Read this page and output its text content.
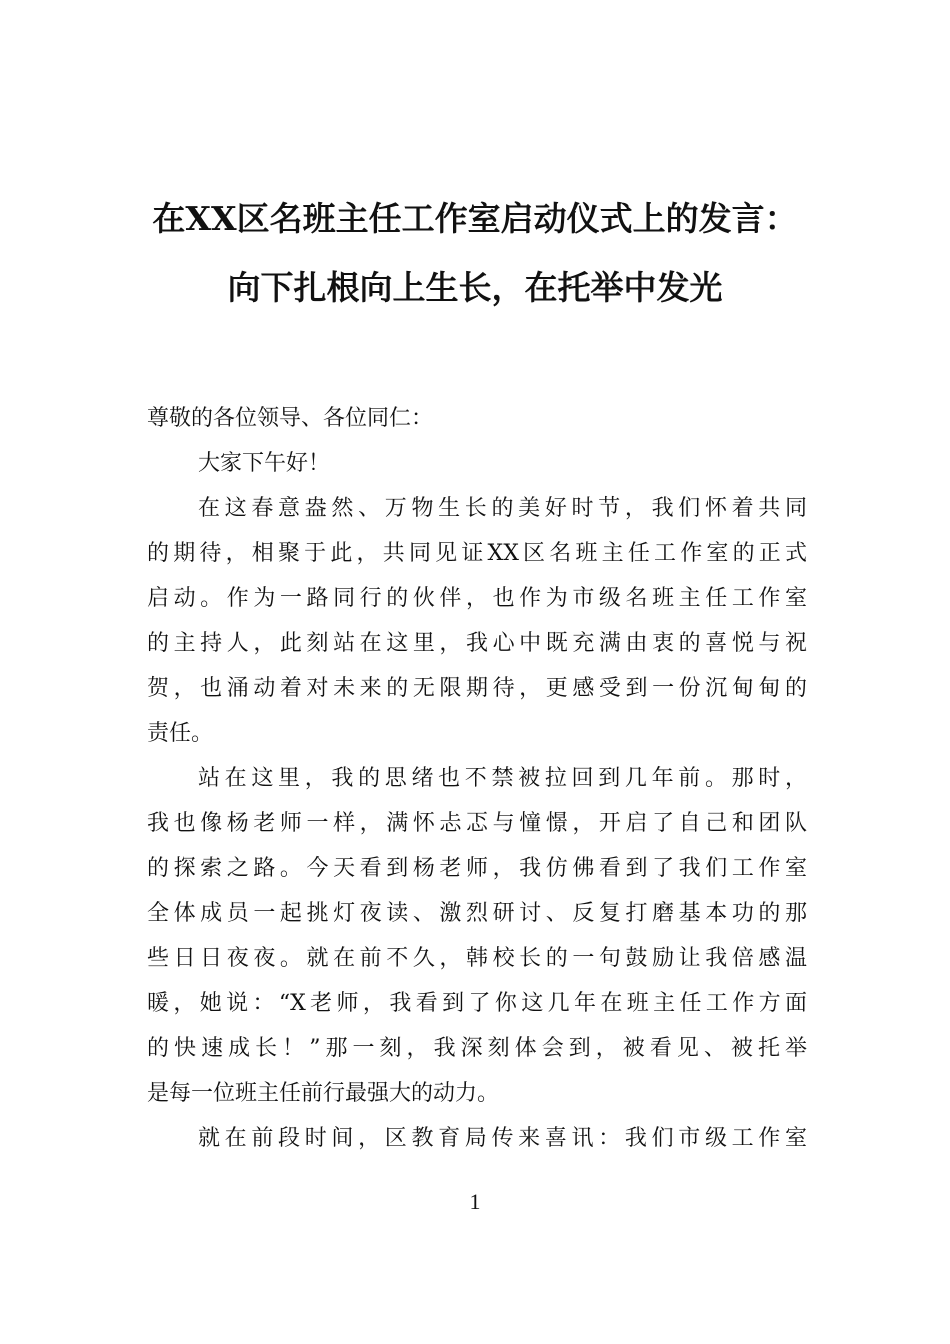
在XX区名班主任工作室启动仪式上的发言：
向下扎根向上生长，在托举中发光
尊敬的各位领导、各位同仁：
大家下午好！
在这春意盎然、万物生长的美好时节，我们怀着共同
的期待，相聚于此，共同见证XX区名班主任工作室的正式
启动。作为一路同行的伙伴，也作为市级名班主任工作室
的主持人，此刻站在这里，我心中既充满由衷的喜悦与祝
贺，也涌动着对未来的无限期待，更感受到一份沉甸甸的
责任。
站在这里，我的思绪也不禁被拉回到几年前。那时，
我也像杨老师一样，满怀忐忑与憧憬，开启了自己和团队
的探索之路。今天看到杨老师，我仿佛看到了我们工作室
全体成员一起挑灯夜读、激烈研讨、反复打磨基本功的那
些日日夜夜。就在前不久，韩校长的一句鼓励让我倍感温
暖，她说：“X老师，我看到了你这几年在班主任工作方面
的快速成长！”那一刻，我深刻体会到，被看见、被托举
是每一位班主任前行最强大的动力。
就在前段时间，区教育局传来喜讯：我们市级工作室
1
